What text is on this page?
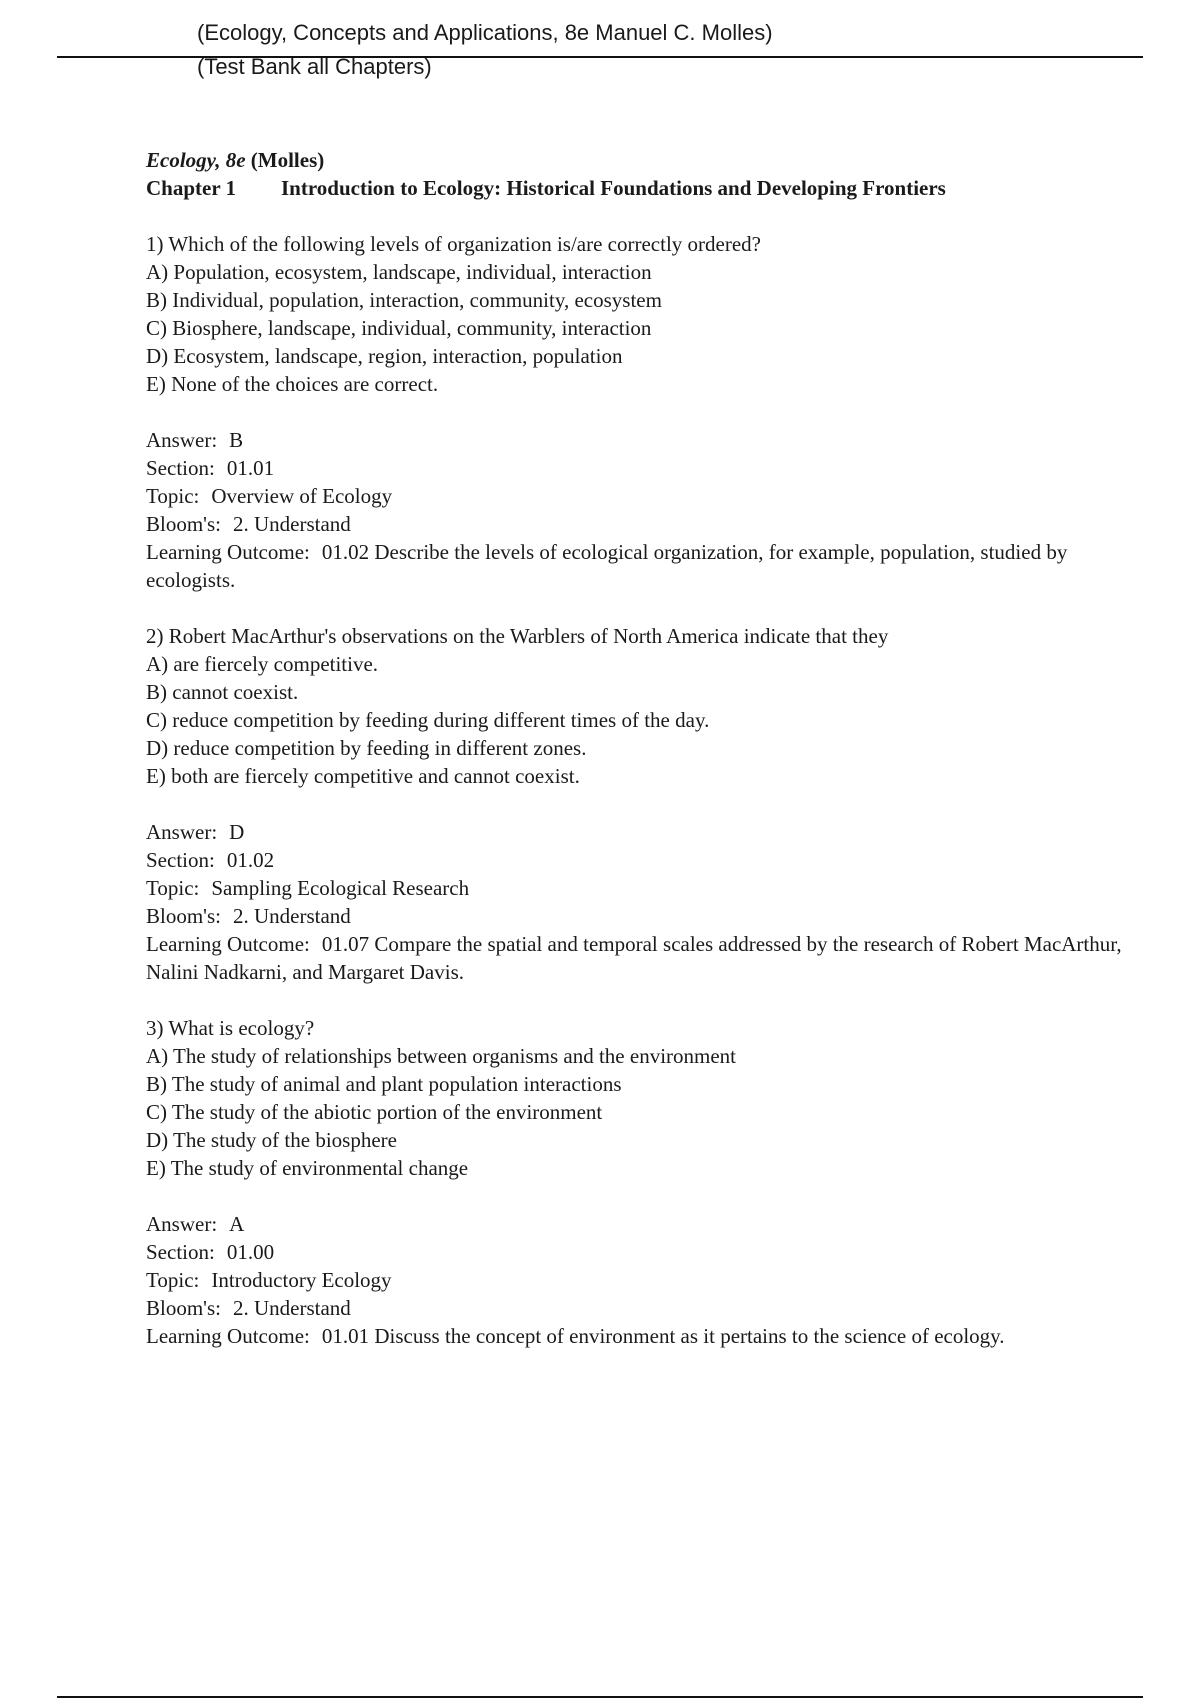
(Ecology, Concepts and Applications, 8e Manuel C. Molles)
(Test Bank all Chapters)

Ecology, 8e (Molles)

Chapter 1 Introduction to Ecology: Historical Foundations and Developing Frontiers

1) Which of the following levels of organization is/are correctly ordered?

A) Population, ecosystem, landscape, individual, interaction

B) Individual, population, interaction, community, ecosystem

C) Biosphere, landscape, individual, community, interaction

D) Ecosystem, landscape, region, interaction, population

E) None of the choices are correct.

Answer: B

Section: 01.01

Topic: Overview of Ecology

Bloom's: 2. Understand

Learning Outcome: 01.02 Describe the levels of ecological organization, for example, population, studied by ecologists.

2) Robert MacArthur's observations on the Warblers of North America indicate that they

A) are fiercely competitive.

B) cannot coexist.

C) reduce competition by feeding during different times of the day.

D) reduce competition by feeding in different zones.

E) both are fiercely competitive and cannot coexist.

Answer: D

Section: 01.02

Topic: Sampling Ecological Research

Bloom's: 2. Understand

Learning Outcome: 01.07 Compare the spatial and temporal scales addressed by the research of Robert MacArthur, Nalini Nadkarni, and Margaret Davis.

3) What is ecology?

A) The study of relationships between organisms and the environment

B) The study of animal and plant population interactions

C) The study of the abiotic portion of the environment

D) The study of the biosphere

E) The study of environmental change

Answer: A

Section: 01.00

Topic: Introductory Ecology

Bloom's: 2. Understand

Learning Outcome: 01.01 Discuss the concept of environment as it pertains to the science of ecology.
